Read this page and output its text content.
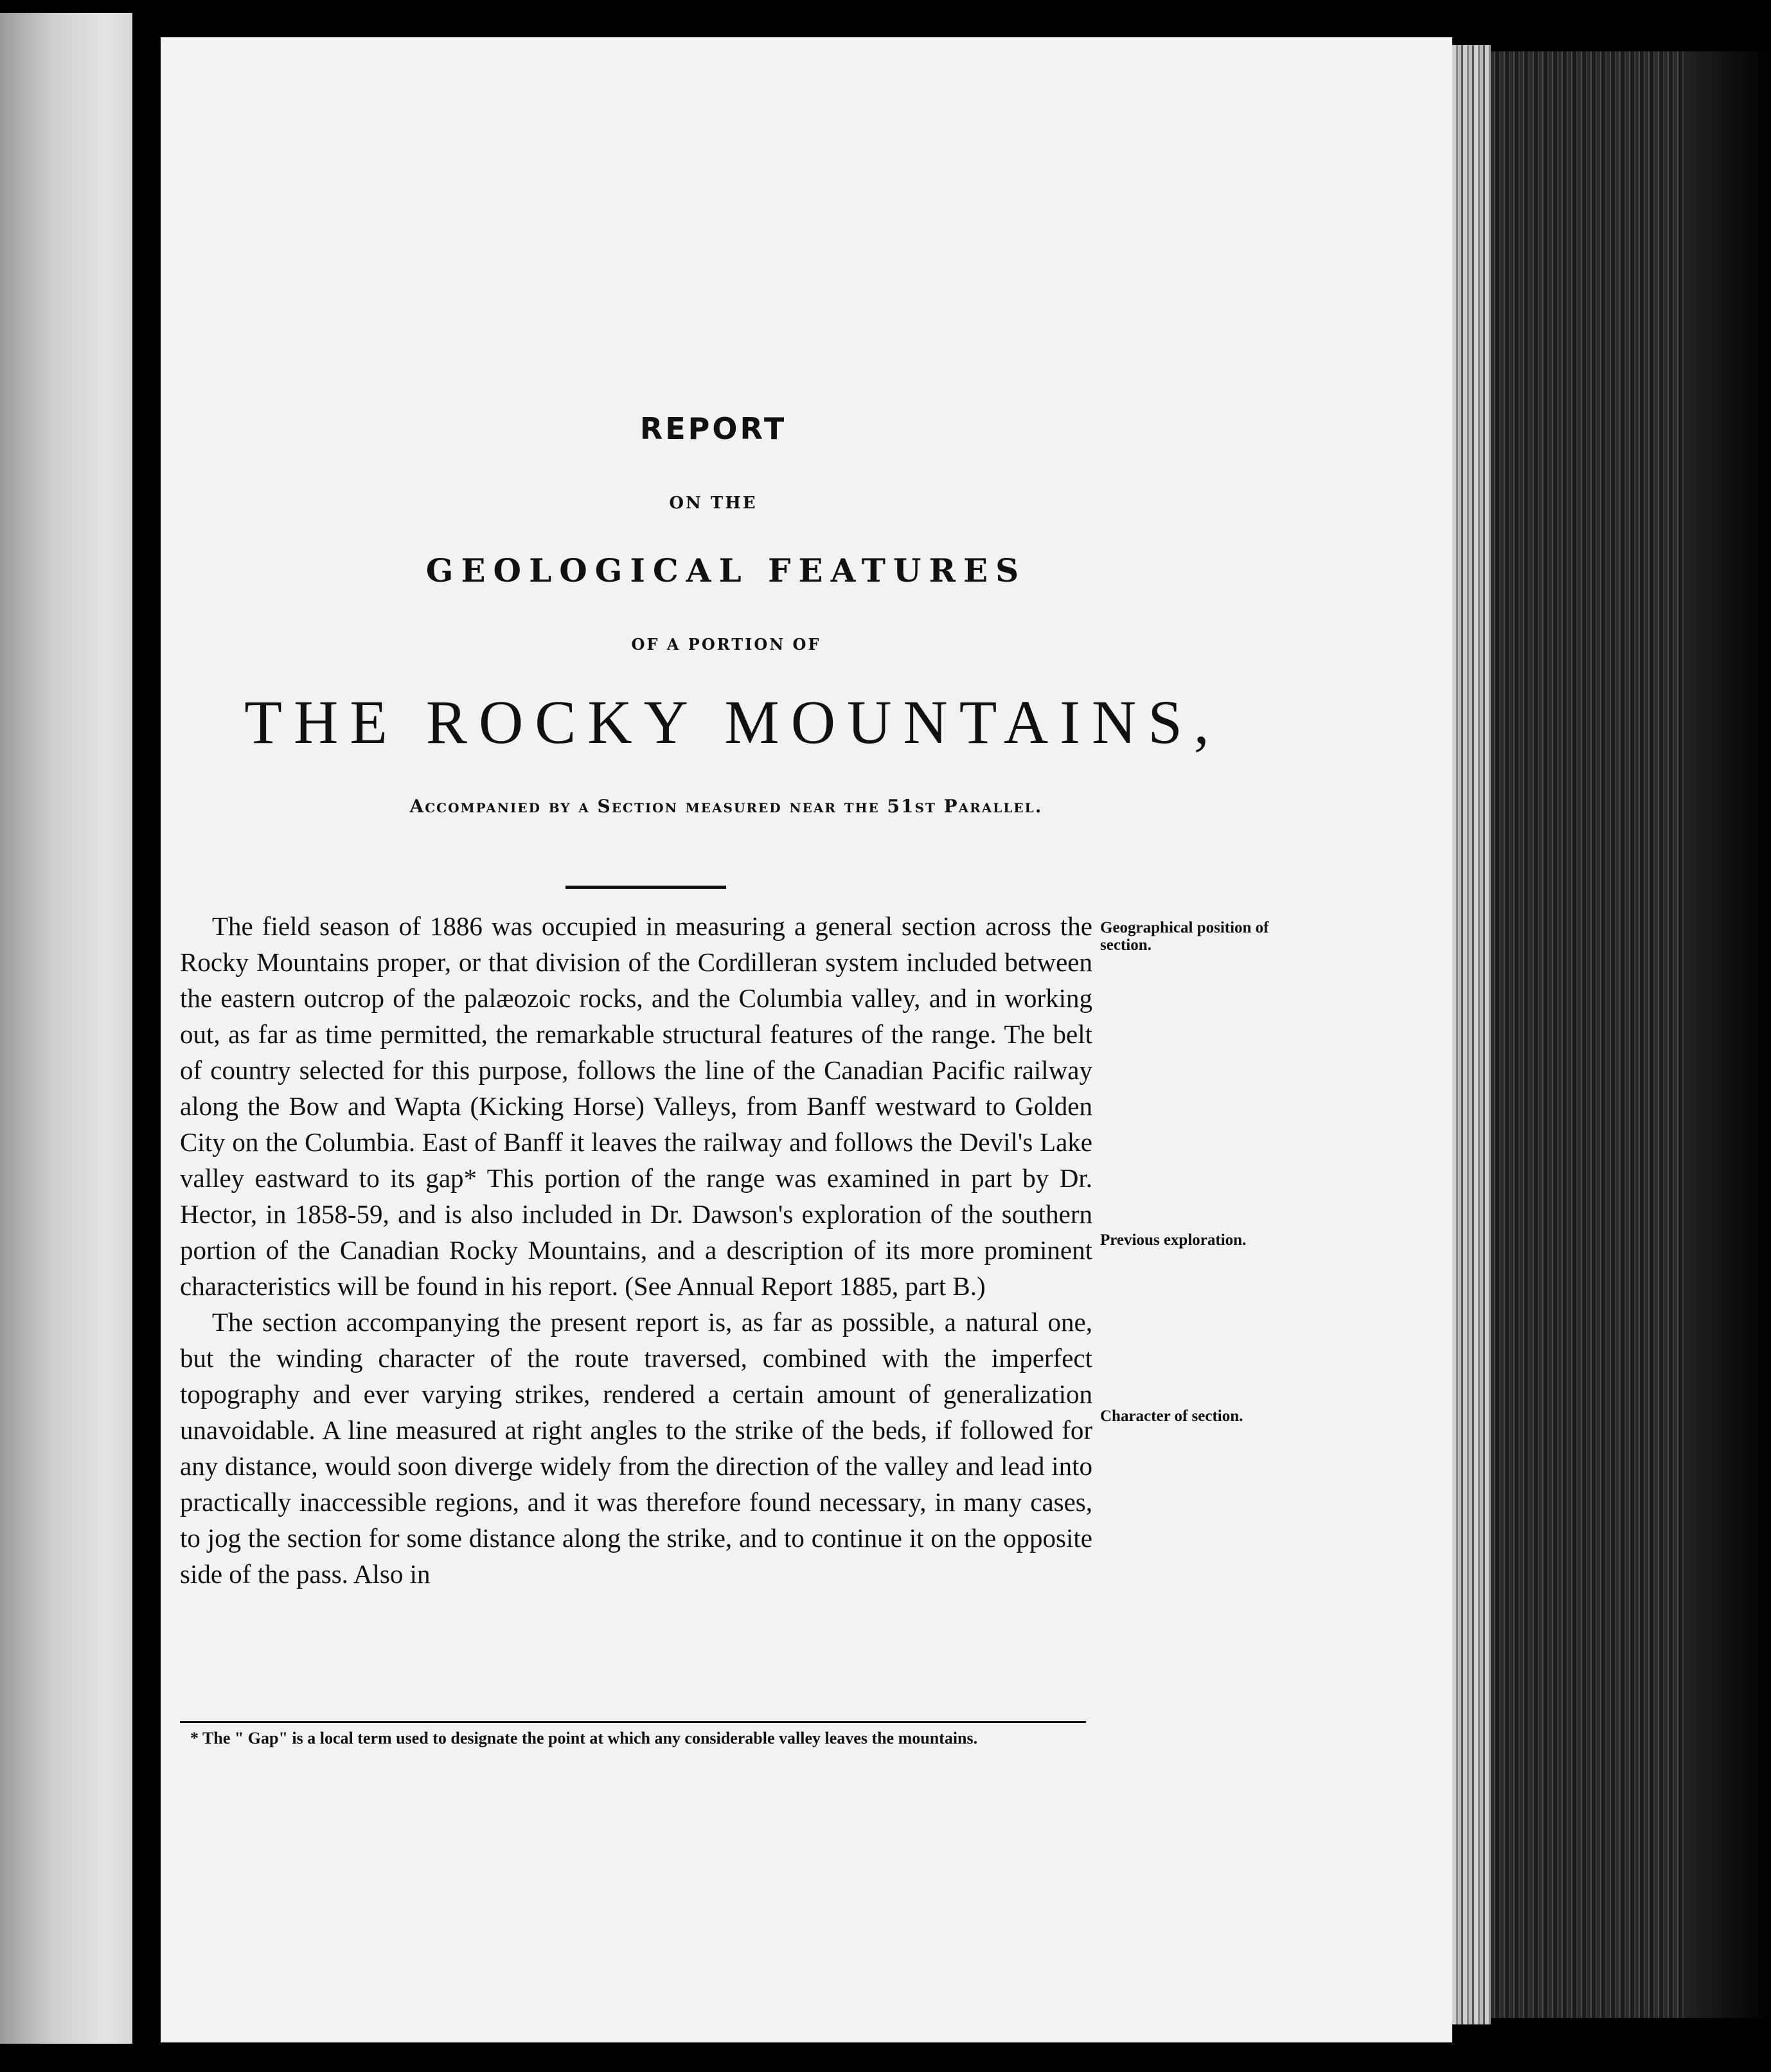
REPORT
ON THE
GEOLOGICAL FEATURES
OF A PORTION OF
THE ROCKY MOUNTAINS,
Accompanied by a Section measured near the 51st Parallel.

The field season of 1886 was occupied in measuring a general section across the Rocky Mountains proper, or that division of the Cordilleran system included between the eastern outcrop of the palæozoic rocks, and the Columbia valley, and in working out, as far as time permitted, the remarkable structural features of the range. The belt of country selected for this purpose, follows the line of the Canadian Pacific railway along the Bow and Wapta (Kicking Horse) Valleys, from Banff westward to Golden City on the Columbia. East of Banff it leaves the railway and follows the Devil's Lake valley eastward to its gap* This portion of the range was examined in part by Dr. Hector, in 1858-59, and is also included in Dr. Dawson's exploration of the southern portion of the Canadian Rocky Mountains, and a description of its more prominent characteristics will be found in his report. (See Annual Report 1885, part B.)

The section accompanying the present report is, as far as possible, a natural one, but the winding character of the route traversed, combined with the imperfect topography and ever varying strikes, rendered a certain amount of generalization unavoidable. A line measured at right angles to the strike of the beds, if followed for any distance, would soon diverge widely from the direction of the valley and lead into practically inaccessible regions, and it was therefore found necessary, in many cases, to jog the section for some distance along the strike, and to continue it on the opposite side of the pass. Also in

Geographical position of section.

Previous exploration.

Character of section.

* The " Gap" is a local term used to designate the point at which any considerable valley leaves the mountains.
